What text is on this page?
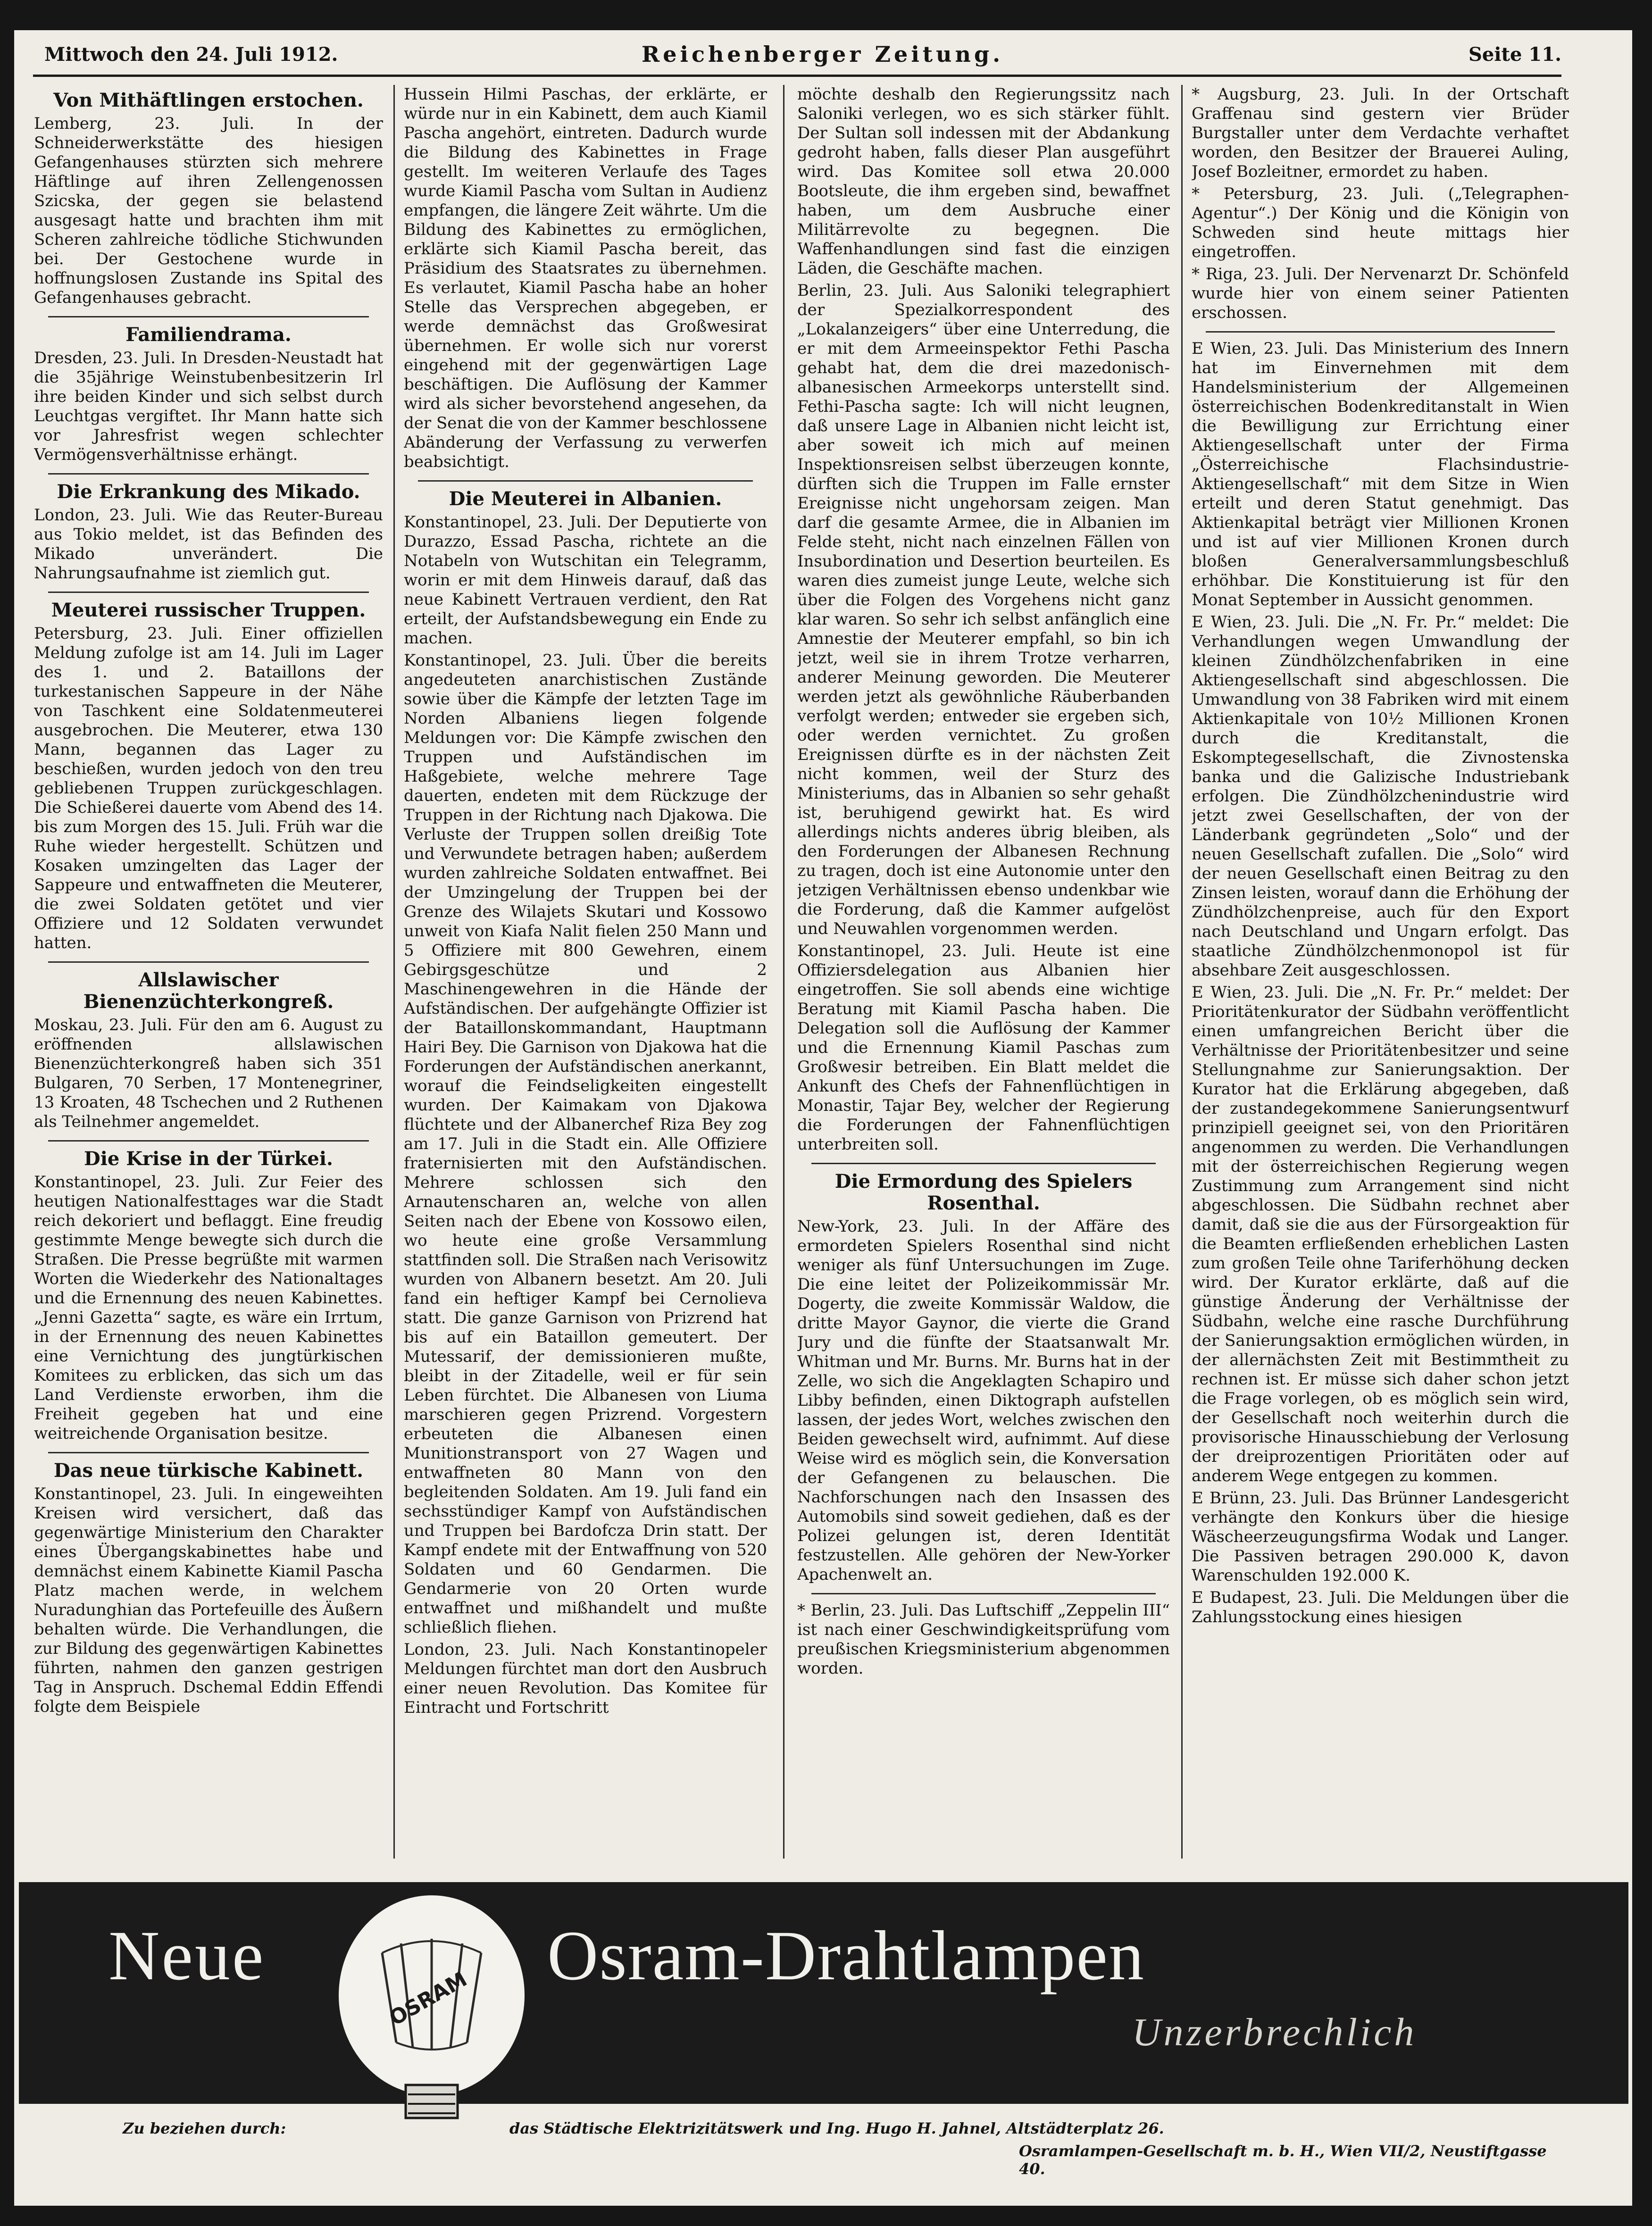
Mittwoch den 24. Juli 1912.	Reichenberger Zeitung.	Seite 11.
Von Mithäftlingen erstochen.

Lemberg, 23. Juli. In der Schneiderwerkstätte des hiesigen Gefangenhauses stürzten sich mehrere Häftlinge auf ihren Zellengenossen Szicska, der gegen sie belastend ausgesagt hatte und brachten ihm mit Scheren zahlreiche tödliche Stichwunden bei. Der Gestochene wurde in hoffnungslosen Zustande ins Spital des Gefangenhauses gebracht.

Familiendrama.

Dresden, 23. Juli. In Dresden-Neustadt hat die 35jährige Weinstubenbesitzerin Irl ihre beiden Kinder und sich selbst durch Leuchtgas vergiftet. Ihr Mann hatte sich vor Jahresfrist wegen schlechter Vermögensverhältnisse erhängt.

Die Erkrankung des Mikado.

London, 23. Juli. Wie das Reuter-Bureau aus Tokio meldet, ist das Befinden des Mikado unverändert. Die Nahrungsaufnahme ist ziemlich gut.

Meuterei russischer Truppen.

Petersburg, 23. Juli. Einer offiziellen Meldung zufolge ist am 14. Juli im Lager des 1. und 2. Bataillons der turkestanischen Sappeure in der Nähe von Taschkent eine Soldatenmeuterei ausgebrochen. Die Meuterer, etwa 130 Mann, begannen das Lager zu beschießen, wurden jedoch von den treu gebliebenen Truppen zurückgeschlagen. Die Schießerei dauerte vom Abend des 14. bis zum Morgen des 15. Juli. Früh war die Ruhe wieder hergestellt. Schützen und Kosaken umzingelten das Lager der Sappeure und entwaffneten die Meuterer, die zwei Soldaten getötet und vier Offiziere und 12 Soldaten verwundet hatten.

Allslawischer Bienenzüchterkongreß.

Moskau, 23. Juli. Für den am 6. August zu eröffnenden allslawischen Bienenzüchterkongreß haben sich 351 Bulgaren, 70 Serben, 17 Montenegriner, 13 Kroaten, 48 Tschechen und 2 Ruthenen als Teilnehmer angemeldet.

Die Krise in der Türkei.

Konstantinopel, 23. Juli. Zur Feier des heutigen Nationalfesttages war die Stadt reich dekoriert und beflaggt. Eine freudig gestimmte Menge bewegte sich durch die Straßen. Die Presse begrüßte mit warmen Worten die Wiederkehr des Nationaltages und die Ernennung des neuen Kabinettes. „Jenni Gazetta“ sagte, es wäre ein Irrtum, in der Ernennung des neuen Kabinettes eine Vernichtung des jungtürkischen Komitees zu erblicken, das sich um das Land Verdienste erworben, ihm die Freiheit gegeben hat und eine weitreichende Organisation besitze.

Das neue türkische Kabinett.

Konstantinopel, 23. Juli. In eingeweihten Kreisen wird versichert, daß das gegenwärtige Ministerium den Charakter eines Übergangskabinettes habe und demnächst einem Kabinette Kiamil Pascha Platz machen werde, in welchem Nuradunghian das Portefeuille des Äußern behalten würde. Die Verhandlungen, die zur Bildung des gegenwärtigen Kabinettes führten, nahmen den ganzen gestrigen Tag in Anspruch. Dschemal Eddin Effendi folgte dem Beispiele

Hussein Hilmi Paschas, der erklärte, er würde nur in ein Kabinett, dem auch Kiamil Pascha angehört, eintreten. Dadurch wurde die Bildung des Kabinettes in Frage gestellt. Im weiteren Verlaufe des Tages wurde Kiamil Pascha vom Sultan in Audienz empfangen, die längere Zeit währte. Um die Bildung des Kabinettes zu ermöglichen, erklärte sich Kiamil Pascha bereit, das Präsidium des Staatsrates zu übernehmen. Es verlautet, Kiamil Pascha habe an hoher Stelle das Versprechen abgegeben, er werde demnächst das Großwesirat übernehmen. Er wolle sich nur vorerst eingehend mit der gegenwärtigen Lage beschäftigen. Die Auflösung der Kammer wird als sicher bevorstehend angesehen, da der Senat die von der Kammer beschlossene Abänderung der Verfassung zu verwerfen beabsichtigt.

Die Meuterei in Albanien.

Konstantinopel, 23. Juli. Der Deputierte von Durazzo, Essad Pascha, richtete an die Notabeln von Wutschitan ein Telegramm, worin er mit dem Hinweis darauf, daß das neue Kabinett Vertrauen verdient, den Rat erteilt, der Aufstandsbewegung ein Ende zu machen.

Konstantinopel, 23. Juli. Über die bereits angedeuteten anarchistischen Zustände sowie über die Kämpfe der letzten Tage im Norden Albaniens liegen folgende Meldungen vor: Die Kämpfe zwischen den Truppen und Aufständischen im Haßgebiete, welche mehrere Tage dauerten, endeten mit dem Rückzuge der Truppen in der Richtung nach Djakowa. Die Verluste der Truppen sollen dreißig Tote und Verwundete betragen haben; außerdem wurden zahlreiche Soldaten entwaffnet. Bei der Umzingelung der Truppen bei der Grenze des Wilajets Skutari und Kossowo unweit von Kiafa Nalit fielen 250 Mann und 5 Offiziere mit 800 Gewehren, einem Gebirgsgeschütze und 2 Maschinengewehren in die Hände der Aufständischen. Der aufgehängte Offizier ist der Bataillonskommandant, Hauptmann Hairi Bey. Die Garnison von Djakowa hat die Forderungen der Aufständischen anerkannt, worauf die Feindseligkeiten eingestellt wurden. Der Kaimakam von Djakowa flüchtete und der Albanerchef Riza Bey zog am 17. Juli in die Stadt ein. Alle Offiziere fraternisierten mit den Aufständischen. Mehrere schlossen sich den Arnautenscharen an, welche von allen Seiten nach der Ebene von Kossowo eilen, wo heute eine große Versammlung stattfinden soll. Die Straßen nach Verisowitz wurden von Albanern besetzt. Am 20. Juli fand ein heftiger Kampf bei Cernolieva statt. Die ganze Garnison von Prizrend hat bis auf ein Bataillon gemeutert. Der Mutessarif, der demissionieren mußte, bleibt in der Zitadelle, weil er für sein Leben fürchtet. Die Albanesen von Liuma marschieren gegen Prizrend. Vorgestern erbeuteten die Albanesen einen Munitionstransport von 27 Wagen und entwaffneten 80 Mann von den begleitenden Soldaten. Am 19. Juli fand ein sechsstündiger Kampf von Aufständischen und Truppen bei Bardofcza Drin statt. Der Kampf endete mit der Entwaffnung von 520 Soldaten und 60 Gendarmen. Die Gendarmerie von 20 Orten wurde entwaffnet und mißhandelt und mußte schließlich fliehen.

London, 23. Juli. Nach Konstantinopeler Meldungen fürchtet man dort den Ausbruch einer neuen Revolution. Das Komitee für Eintracht und Fortschritt

möchte deshalb den Regierungssitz nach Saloniki verlegen, wo es sich stärker fühlt. Der Sultan soll indessen mit der Abdankung gedroht haben, falls dieser Plan ausgeführt wird. Das Komitee soll etwa 20.000 Bootsleute, die ihm ergeben sind, bewaffnet haben, um dem Ausbruche einer Militärrevolte zu begegnen. Die Waffenhandlungen sind fast die einzigen Läden, die Geschäfte machen.

Berlin, 23. Juli. Aus Saloniki telegraphiert der Spezialkorrespondent des „Lokalanzeigers“ über eine Unterredung, die er mit dem Armeeinspektor Fethi Pascha gehabt hat, dem die drei mazedonisch-albanesischen Armeekorps unterstellt sind. Fethi-Pascha sagte: Ich will nicht leugnen, daß unsere Lage in Albanien nicht leicht ist, aber soweit ich mich auf meinen Inspektionsreisen selbst überzeugen konnte, dürften sich die Truppen im Falle ernster Ereignisse nicht ungehorsam zeigen. Man darf die gesamte Armee, die in Albanien im Felde steht, nicht nach einzelnen Fällen von Insubordination und Desertion beurteilen. Es waren dies zumeist junge Leute, welche sich über die Folgen des Vorgehens nicht ganz klar waren. So sehr ich selbst anfänglich eine Amnestie der Meuterer empfahl, so bin ich jetzt, weil sie in ihrem Trotze verharren, anderer Meinung geworden. Die Meuterer werden jetzt als gewöhnliche Räuberbanden verfolgt werden; entweder sie ergeben sich, oder werden vernichtet. Zu großen Ereignissen dürfte es in der nächsten Zeit nicht kommen, weil der Sturz des Ministeriums, das in Albanien so sehr gehaßt ist, beruhigend gewirkt hat. Es wird allerdings nichts anderes übrig bleiben, als den Forderungen der Albanesen Rechnung zu tragen, doch ist eine Autonomie unter den jetzigen Verhältnissen ebenso undenkbar wie die Forderung, daß die Kammer aufgelöst und Neuwahlen vorgenommen werden.

Konstantinopel, 23. Juli. Heute ist eine Offiziersdelegation aus Albanien hier eingetroffen. Sie soll abends eine wichtige Beratung mit Kiamil Pascha haben. Die Delegation soll die Auflösung der Kammer und die Ernennung Kiamil Paschas zum Großwesir betreiben. Ein Blatt meldet die Ankunft des Chefs der Fahnenflüchtigen in Monastir, Tajar Bey, welcher der Regierung die Forderungen der Fahnenflüchtigen unterbreiten soll.

Die Ermordung des Spielers Rosenthal.

New-York, 23. Juli. In der Affäre des ermordeten Spielers Rosenthal sind nicht weniger als fünf Untersuchungen im Zuge. Die eine leitet der Polizeikommissär Mr. Dogerty, die zweite Kommissär Waldow, die dritte Mayor Gaynor, die vierte die Grand Jury und die fünfte der Staatsanwalt Mr. Whitman und Mr. Burns. Mr. Burns hat in der Zelle, wo sich die Angeklagten Schapiro und Libby befinden, einen Diktograph aufstellen lassen, der jedes Wort, welches zwischen den Beiden gewechselt wird, aufnimmt. Auf diese Weise wird es möglich sein, die Konversation der Gefangenen zu belauschen. Die Nachforschungen nach den Insassen des Automobils sind soweit gediehen, daß es der Polizei gelungen ist, deren Identität festzustellen. Alle gehören der New-Yorker Apachenwelt an.

* Berlin, 23. Juli. Das Luftschiff „Zeppelin III“ ist nach einer Geschwindigkeitsprüfung vom preußischen Kriegsministerium abgenommen worden.

* Augsburg, 23. Juli. In der Ortschaft Graffenau sind gestern vier Brüder Burgstaller unter dem Verdachte verhaftet worden, den Besitzer der Brauerei Auling, Josef Bozleitner, ermordet zu haben.

* Petersburg, 23. Juli. („Telegraphen-Agentur“.) Der König und die Königin von Schweden sind heute mittags hier eingetroffen.

* Riga, 23. Juli. Der Nervenarzt Dr. Schönfeld wurde hier von einem seiner Patienten erschossen.

E Wien, 23. Juli. Das Ministerium des Innern hat im Einvernehmen mit dem Handelsministerium der Allgemeinen österreichischen Bodenkreditanstalt in Wien die Bewilligung zur Errichtung einer Aktiengesellschaft unter der Firma „Österreichische Flachsindustrie-Aktiengesellschaft“ mit dem Sitze in Wien erteilt und deren Statut genehmigt. Das Aktienkapital beträgt vier Millionen Kronen und ist auf vier Millionen Kronen durch bloßen Generalversammlungsbeschluß erhöhbar. Die Konstituierung ist für den Monat September in Aussicht genommen.

E Wien, 23. Juli. Die „N. Fr. Pr.“ meldet: Die Verhandlungen wegen Umwandlung der kleinen Zündhölzchenfabriken in eine Aktiengesellschaft sind abgeschlossen. Die Umwandlung von 38 Fabriken wird mit einem Aktienkapitale von 10½ Millionen Kronen durch die Kreditanstalt, die Eskomptegesellschaft, die Zivnostenska banka und die Galizische Industriebank erfolgen. Die Zündhölzchenindustrie wird jetzt zwei Gesellschaften, der von der Länderbank gegründeten „Solo“ und der neuen Gesellschaft zufallen. Die „Solo“ wird der neuen Gesellschaft einen Beitrag zu den Zinsen leisten, worauf dann die Erhöhung der Zündhölzchenpreise, auch für den Export nach Deutschland und Ungarn erfolgt. Das staatliche Zündhölzchenmonopol ist für absehbare Zeit ausgeschlossen.

E Wien, 23. Juli. Die „N. Fr. Pr.“ meldet: Der Prioritätenkurator der Südbahn veröffentlicht einen umfangreichen Bericht über die Verhältnisse der Prioritätenbesitzer und seine Stellungnahme zur Sanierungsaktion. Der Kurator hat die Erklärung abgegeben, daß der zustandegekommene Sanierungsentwurf prinzipiell geeignet sei, von den Prioritären angenommen zu werden. Die Verhandlungen mit der österreichischen Regierung wegen Zustimmung zum Arrangement sind nicht abgeschlossen. Die Südbahn rechnet aber damit, daß sie die aus der Fürsorgeaktion für die Beamten erfließenden erheblichen Lasten zum großen Teile ohne Tariferhöhung decken wird. Der Kurator erklärte, daß auf die günstige Änderung der Verhältnisse der Südbahn, welche eine rasche Durchführung der Sanierungsaktion ermöglichen würden, in der allernächsten Zeit mit Bestimmtheit zu rechnen ist. Er müsse sich daher schon jetzt die Frage vorlegen, ob es möglich sein wird, der Gesellschaft noch weiterhin durch die provisorische Hinausschiebung der Verlosung der dreiprozentigen Prioritäten oder auf anderem Wege entgegen zu kommen.

E Brünn, 23. Juli. Das Brünner Landesgericht verhängte den Konkurs über die hiesige Wäscheerzeugungsfirma Wodak und Langer. Die Passiven betragen 290.000 K, davon Warenschulden 192.000 K.

E Budapest, 23. Juli. Die Meldungen über die Zahlungsstockung eines hiesigen

Neue
OSRAM
Osram-Drahtlampen
Unzerbrechlich
Zu beziehen durch:	das Städtische Elektrizitätswerk und Ing. Hugo H. Jahnel, Altstädterplatz 26.
Osramlampen-Gesellschaft m. b. H., Wien VII/2, Neustiftgasse 40.
